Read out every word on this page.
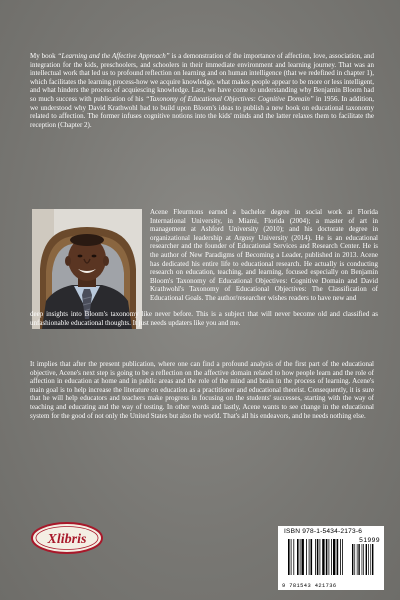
My book “Learning and the Affective Approach” is a demonstration of the importance of affection, love, association, and integration for the kids, preschoolers, and schoolers in their immediate environment and learning journey. That was an intellectual work that led us to profound reflection on learning and on human intelligence (that we redefined in chapter 1), which facilitates the learning process-how we acquire knowledge, what makes people appear to be more or less intelligent, and what hinders the process of acquiescing knowledge. Last, we have come to understanding why Benjamin Bloom had so much success with publication of his “Taxonomy of Educational Objectives: Cognitive Domain” in 1956. In addition, we understood why David Krathwohl had to build upon Bloom's ideas to publish a new book on educational taxonomy related to affection. The former infuses cognitive notions into the kids' minds and the latter relaxes them to facilitate the reception (Chapter 2).

Acene Fleurmons earned a bachelor degree in social work at Florida International University, in Miami, Florida (2004); a master of art in management at Ashford University (2010); and his doctorate degree in organizational leadership at Argosy University (2014). He is an educational researcher and the founder of Educational Services and Research Center. He is the author of New Paradigms of Becoming a Leader, published in 2013. Acene has dedicated his entire life to educational research. He actually is conducting research on education, teaching, and learning, focused especially on Benjamin Bloom's Taxonomy of Educational Objectives: Cognitive Domain and David Krathwohl's Taxonomy of Educational Objectives: The Classification of Educational Goals. The author/researcher wishes readers to have new and

deep insights into Bloom's taxonomy like never before. This is a subject that will never become old and classified as unfashionable educational thoughts. It just needs updaters like you and me.

It implies that after the present publication, where one can find a profound analysis of the first part of the educational objective, Acene's next step is going to be a reflection on the affective domain related to how people learn and the role of affection in education at home and in public areas and the role of the mind and brain in the process of learning. Acene's main goal is to help increase the literature on education as a practitioner and educational theorist. Consequently, it is sure that he will help educators and teachers make progress in focusing on the students' successes, starting with the way of teaching and educating and the way of testing. In other words and lastly, Acene wants to see change in the educational system for the good of not only the United States but also the world. That's all his endeavors, and he needs nothing else.

Xlibris
ISBN 978-1-5434-2173-6
51999
9 781543 421736
